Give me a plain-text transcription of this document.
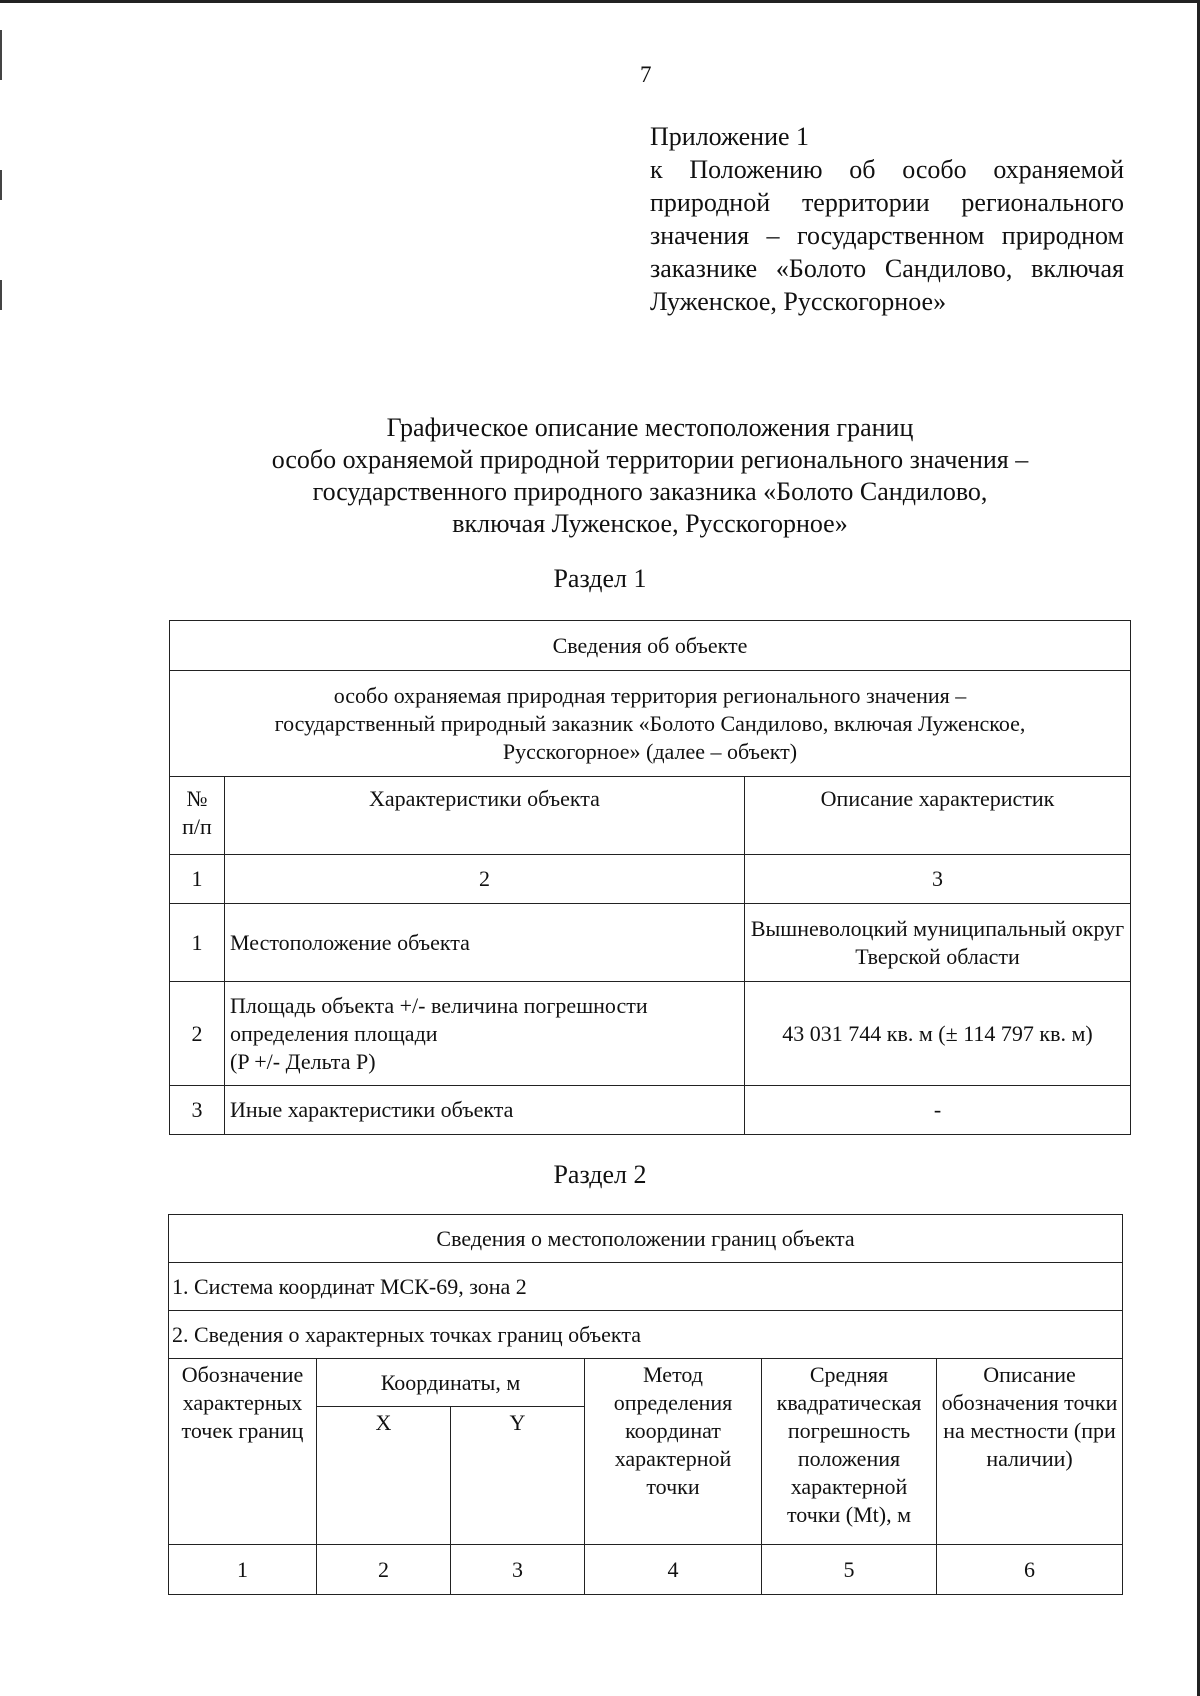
7
Приложение 1
к Положению об особо охраняемой природной территории регионального значения – государственном природном заказнике «Болото Сандилово, включая Луженское, Русскогорное»
Графическое описание местоположения границ
особо охраняемой природной территории регионального значения –
государственного природного заказника «Болото Сандилово,
включая Луженское, Русскогорное»
Раздел 1
Сведения об объекте		

особо охраняемая природная территория регионального значения –
государственный природный заказник «Болото Сандилово, включая Луженское,
Русскогорное» (далее – объект)		

№ п/п	Характеристики объекта	Описание характеристик
1	2	3
1	Местоположение объекта	Вышневолоцкий муниципальный округ Тверской области
2	Площадь объекта +/- величина погрешности
определения площади
(P +/- Дельта P)	43 031 744 кв. м (± 114 797 кв. м)
3	Иные характеристики объекта	-
Раздел 2
Сведения о местоположении границ объекта					
1. Система координат МСК-69, зона 2					
2. Сведения о характерных точках границ объекта					
Обозначение характерных точек границ	Координаты, м		Метод определения координат характерной точки	Средняя квадратическая погрешность положения характерной точки (Mt), м	Описание обозначения точки на местности (при наличии)
	X	Y			
1	2	3	4	5	6
